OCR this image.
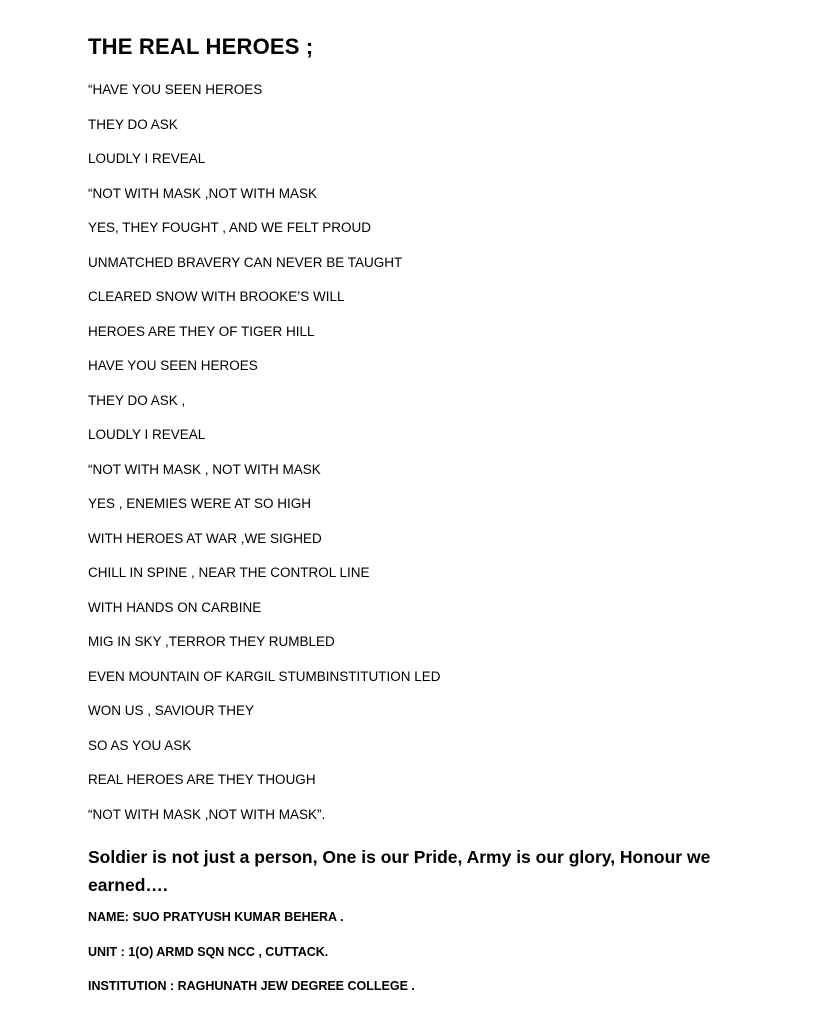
THE REAL HEROES ;
“HAVE YOU SEEN HEROES
THEY DO ASK
LOUDLY I REVEAL
“NOT WITH MASK ,NOT WITH MASK
YES, THEY FOUGHT , AND WE FELT PROUD
UNMATCHED BRAVERY CAN NEVER BE TAUGHT
CLEARED SNOW WITH BROOKE’S WILL
HEROES ARE THEY OF TIGER HILL
HAVE YOU SEEN HEROES
THEY DO ASK ,
LOUDLY I REVEAL
“NOT WITH MASK , NOT WITH MASK
YES , ENEMIES WERE AT SO HIGH
WITH HEROES AT WAR ,WE SIGHED
CHILL IN SPINE , NEAR THE CONTROL LINE
WITH HANDS ON CARBINE
MIG IN SKY ,TERROR THEY RUMBLED
EVEN MOUNTAIN OF KARGIL STUMBINSTITUTION LED
WON US , SAVIOUR THEY
SO AS YOU ASK
REAL HEROES ARE THEY THOUGH
“NOT WITH MASK ,NOT WITH MASK”.

Soldier is not just a person, One is our Pride, Army is our glory, Honour we earned….

NAME: SUO PRATYUSH KUMAR BEHERA .
UNIT : 1(O) ARMD SQN NCC , CUTTACK.
INSTITUTION : RAGHUNATH JEW DEGREE COLLEGE .
